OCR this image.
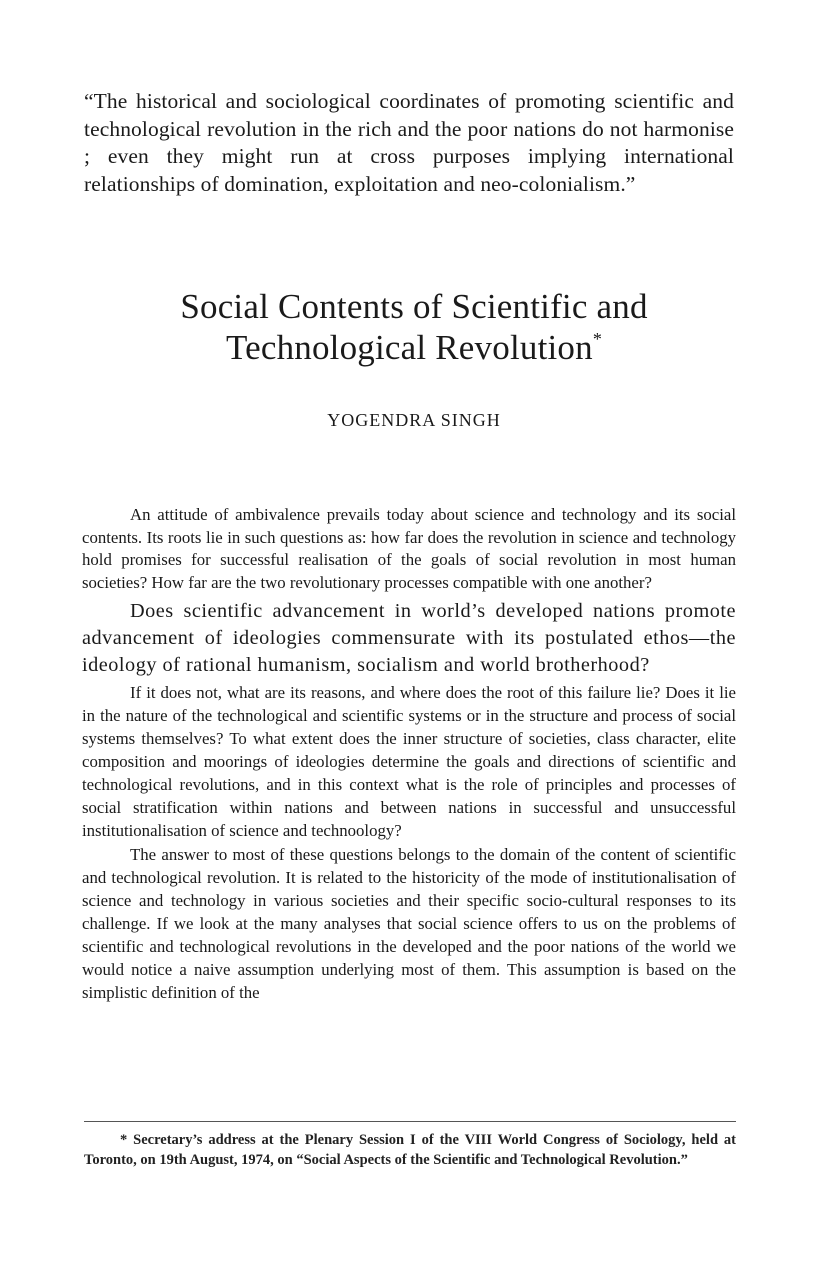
“The historical and sociological coordinates of promoting scientific and technological revolution in the rich and the poor nations do not harmonise ; even they might run at cross purposes implying international relationships of domination, exploitation and neo-colonialism.”
Social Contents of Scientific and
Technological Revolution*
YOGENDRA SINGH

An attitude of ambivalence prevails today about science and technology and its social contents. Its roots lie in such questions as: how far does the revolution in science and technology hold promises for successful realisation of the goals of social revolution in most human societies? How far are the two revolutionary processes compatible with one another?

Does scientific advancement in world’s developed nations promote advancement of ideologies commensurate with its postulated ethos—the ideology of rational humanism, socialism and world brotherhood?

If it does not, what are its reasons, and where does the root of this failure lie? Does it lie in the nature of the technological and scientific systems or in the structure and process of social systems themselves? To what extent does the inner structure of societies, class character, elite composition and moorings of ideologies determine the goals and directions of scientific and technological revolutions, and in this context what is the role of principles and processes of social stratification within nations and between nations in successful and unsuccessful institutionalisation of science and technoology?

The answer to most of these questions belongs to the domain of the content of scientific and technological revolution. It is related to the historicity of the mode of institutionalisation of science and technology in various societies and their specific socio-cultural responses to its challenge. If we look at the many analyses that social science offers to us on the problems of scientific and technological revolutions in the developed and the poor nations of the world we would notice a naive assumption underlying most of them. This assumption is based on the simplistic definition of the

* Secretary’s address at the Plenary Session I of the VIII World Congress of Sociology, held at Toronto, on 19th August, 1974, on “Social Aspects of the Scientific and Technological Revolution.”
